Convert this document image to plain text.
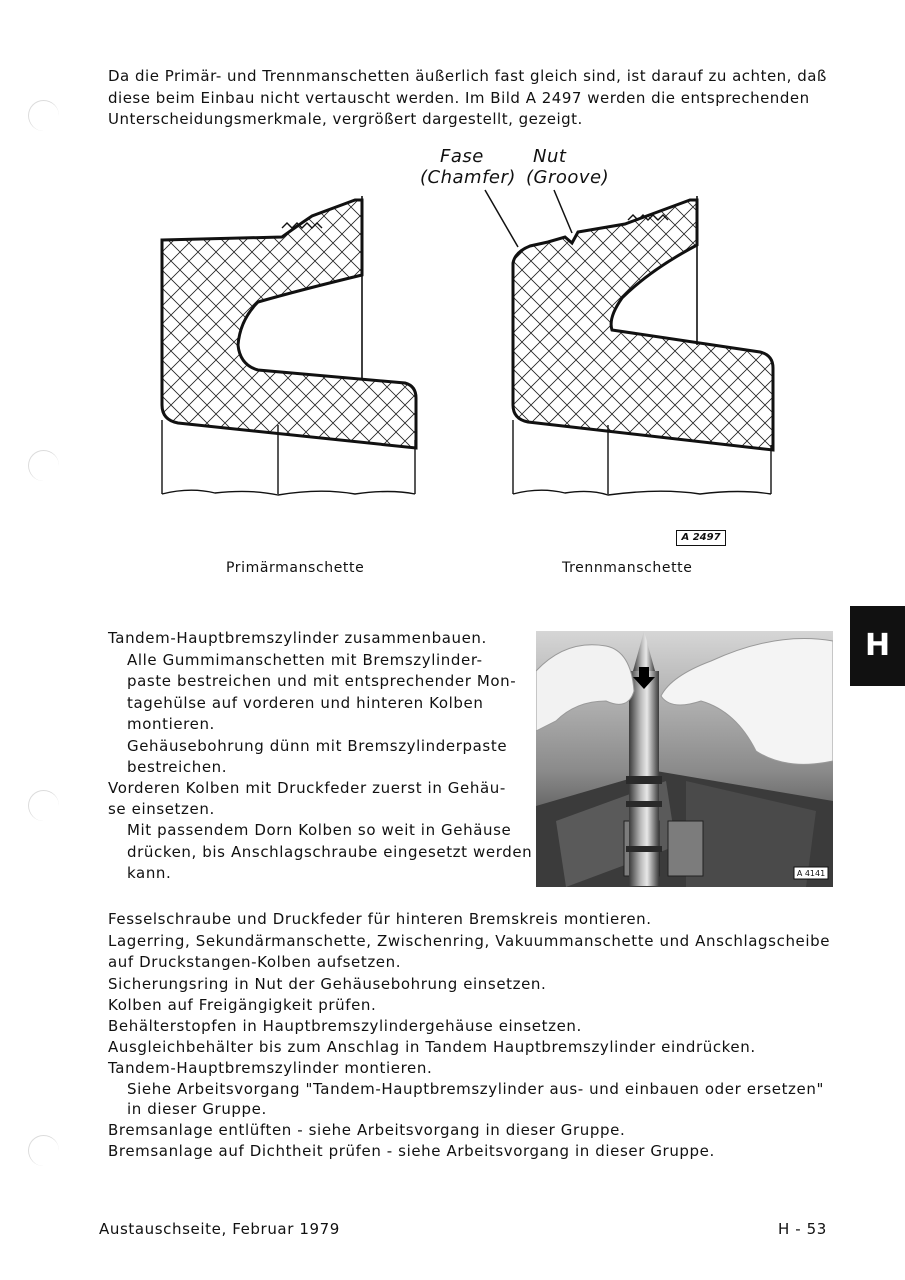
Da die Primär- und Trennmanschetten äußerlich fast gleich sind, ist darauf zu achten, daß

diese beim Einbau nicht vertauscht werden. Im Bild A 2497 werden die entsprechenden

Unterscheidungsmerkmale, vergrößert dargestellt, gezeigt.

Fase	Nut
(Chamfer) (Groove)
A 2497
Primärmanschette	Trennmanschette
H
Tandem-Hauptbremszylinder zusammenbauen.
Alle Gummimanschetten mit Bremszylinder-
paste bestreichen und mit entsprechender Mon-
tagehülse auf vorderen und hinteren Kolben
montieren.
Gehäusebohrung dünn mit Bremszylinderpaste
bestreichen.
Vorderen Kolben mit Druckfeder zuerst in Gehäu-
se einsetzen.
Mit passendem Dorn Kolben so weit in Gehäuse
drücken, bis Anschlagschraube eingesetzt werden
kann.	A 4141
Fesselschraube und Druckfeder für hinteren Bremskreis montieren.
Lagerring, Sekundärmanschette, Zwischenring, Vakuummanschette und Anschlagscheibe
auf Druckstangen-Kolben aufsetzen.
Sicherungsring in Nut der Gehäusebohrung einsetzen.
Kolben auf Freigängigkeit prüfen.
Behälterstopfen in Hauptbremszylindergehäuse einsetzen.
Ausgleichbehälter bis zum Anschlag in Tandem Hauptbremszylinder eindrücken.
Tandem-Hauptbremszylinder montieren.
Siehe Arbeitsvorgang "Tandem-Hauptbremszylinder aus- und einbauen oder ersetzen"
in dieser Gruppe.
Bremsanlage entlüften - siehe Arbeitsvorgang in dieser Gruppe.
Bremsanlage auf Dichtheit prüfen - siehe Arbeitsvorgang in dieser Gruppe.
Austauschseite, Februar 1979	H - 53
